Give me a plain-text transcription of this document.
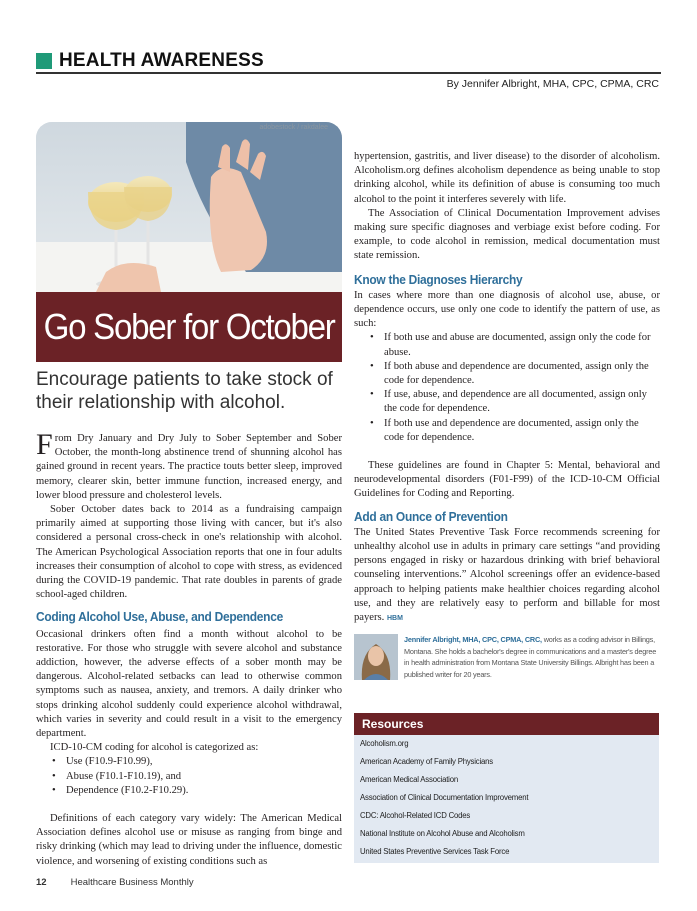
HEALTH AWARENESS
By Jennifer Albright, MHA, CPC, CPMA, CRC
adobestock / rakdalee
Go Sober for October
Encourage patients to take stock of their relationship with alcohol.

From Dry January and Dry July to Sober September and Sober October, the month-long abstinence trend of shunning alcohol has gained ground in recent years. The practice touts better sleep, improved memory, clearer skin, better immune function, increased energy, and lower blood pressure and cholesterol levels.

Sober October dates back to 2014 as a fundraising campaign primarily aimed at supporting those living with cancer, but it's also considered a personal cross-check in one's relationship with alcohol. The American Psychological Association reports that one in four adults increases their consumption of alcohol to cope with stress, as evidenced during the COVID-19 pandemic. That rate doubles in parents of grade school-aged children.

Coding Alcohol Use, Abuse, and Dependence

Occasional drinkers often find a month without alcohol to be restorative. For those who struggle with severe alcohol and substance addiction, however, the adverse effects of a sober month may be dangerous. Alcohol-related setbacks can lead to otherwise common symptoms such as nausea, anxiety, and tremors. A daily drinker who stops drinking alcohol suddenly could experience alcohol withdrawal, which varies in severity and could result in a visit to the emergency department.

ICD-10-CM coding for alcohol is categorized as:

• Use (F10.9-F10.99),
• Abuse (F10.1-F10.19), and
• Dependence (F10.2-F10.29).

Definitions of each category vary widely: The American Medical Association defines alcohol use or misuse as ranging from binge and risky drinking (which may lead to driving under the influence, domestic violence, and worsening of existing conditions such as

hypertension, gastritis, and liver disease) to the disorder of alcoholism. Alcoholism.org defines alcoholism dependence as being unable to stop drinking alcohol, while its definition of abuse is consuming too much alcohol to the point it interferes severely with life.

The Association of Clinical Documentation Improvement advises making sure specific diagnoses and verbiage exist before coding. For example, to code alcohol in remission, medical documentation must state remission.

Know the Diagnoses Hierarchy

In cases where more than one diagnosis of alcohol use, abuse, or dependence occurs, use only one code to identify the pattern of use, as such:

• If both use and abuse are documented, assign only the code for abuse.
• If both abuse and dependence are documented, assign only the code for dependence.
• If use, abuse, and dependence are all documented, assign only the code for dependence.
• If both use and dependence are documented, assign only the code for dependence.

These guidelines are found in Chapter 5: Mental, behavioral and neurodevelopmental disorders (F01-F99) of the ICD-10-CM Official Guidelines for Coding and Reporting.

Add an Ounce of Prevention

The United States Preventive Task Force recommends screening for unhealthy alcohol use in adults in primary care settings “and providing persons engaged in risky or hazardous drinking with brief behavioral counseling interventions.” Alcohol screenings offer an evidence-based approach to helping patients make healthier choices regarding alcohol use, and they are relatively easy to perform and billable for most payers. HBM

Jennifer Albright, MHA, CPC, CPMA, CRC, works as a coding advisor in Billings, Montana. She holds a bachelor's degree in communications and a master's degree in health administration from Montana State University Billings. Albright has been a published writer for 20 years.
Resources
Alcoholism.org
American Academy of Family Physicians
American Medical Association
Association of Clinical Documentation Improvement
CDC: Alcohol-Related ICD Codes
National Institute on Alcohol Abuse and Alcoholism
United States Preventive Services Task Force
12	Healthcare Business Monthly
